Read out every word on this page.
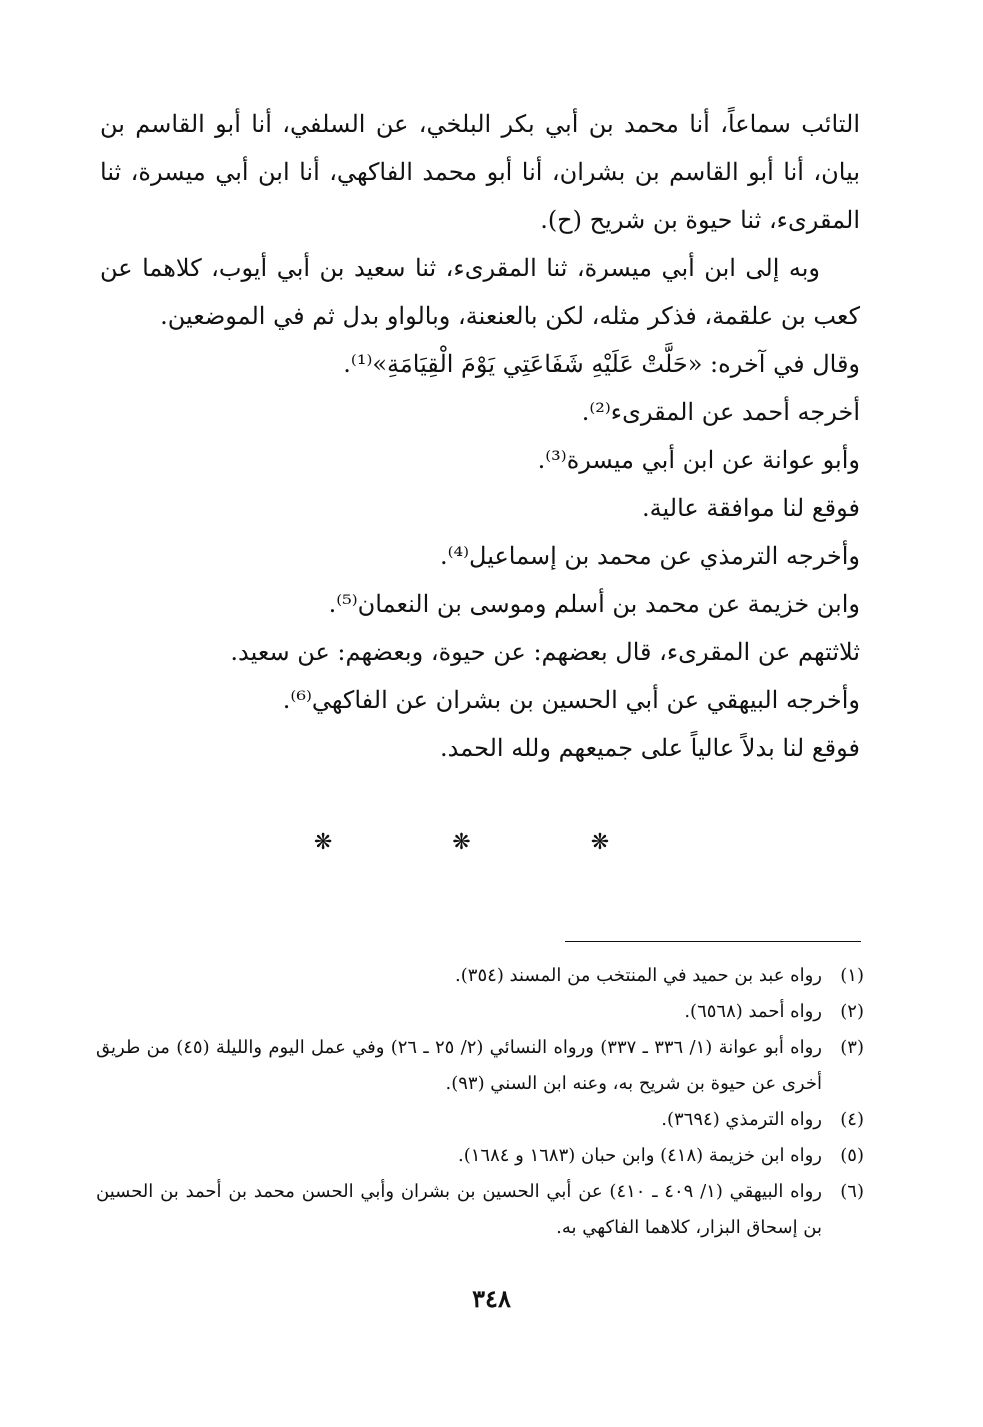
التائب سماعاً، أنا محمد بن أبي بكر البلخي، عن السلفي، أنا أبو القاسم بن بيان، أنا أبو القاسم بن بشران، أنا أبو محمد الفاكهي، أنا ابن أبي ميسرة، ثنا المقرىء، ثنا حيوة بن شريح (ح).

وبه إلى ابن أبي ميسرة، ثنا المقرىء، ثنا سعيد بن أبي أيوب، كلاهما عن كعب بن علقمة، فذكر مثله، لكن بالعنعنة، وبالواو بدل ثم في الموضعين.

وقال في آخره: «حَلَّتْ عَلَيْهِ شَفَاعَتِي يَوْمَ الْقِيَامَةِ»⁽¹⁾.

أخرجه أحمد عن المقرىء⁽²⁾.

وأبو عوانة عن ابن أبي ميسرة⁽³⁾.

فوقع لنا موافقة عالية.

وأخرجه الترمذي عن محمد بن إسماعيل⁽⁴⁾.

وابن خزيمة عن محمد بن أسلم وموسى بن النعمان⁽⁵⁾.

ثلاثتهم عن المقرىء، قال بعضهم: عن حيوة، وبعضهم: عن سعيد.

وأخرجه البيهقي عن أبي الحسين بن بشران عن الفاكهي⁽⁶⁾.

فوقع لنا بدلاً عالياً على جميعهم ولله الحمد.

❋	❋	❋

(١)
رواه عبد بن حميد في المنتخب من المسند (٣٥٤).

(٢)
رواه أحمد (٦٥٦٨).

(٣)
رواه أبو عوانة (١/ ٣٣٦ ـ ٣٣٧) ورواه النسائي (٢/ ٢٥ ـ ٢٦) وفي عمل اليوم والليلة (٤٥) من طريق أخرى عن حيوة بن شريح به، وعنه ابن السني (٩٣).

(٤)
رواه الترمذي (٣٦٩٤).

(٥)
رواه ابن خزيمة (٤١٨) وابن حبان (١٦٨٣ و ١٦٨٤).

(٦)
رواه البيهقي (١/ ٤٠٩ ـ ٤١٠) عن أبي الحسين بن بشران وأبي الحسن محمد بن أحمد بن الحسين بن إسحاق البزار، كلاهما الفاكهي به.

٣٤٨
